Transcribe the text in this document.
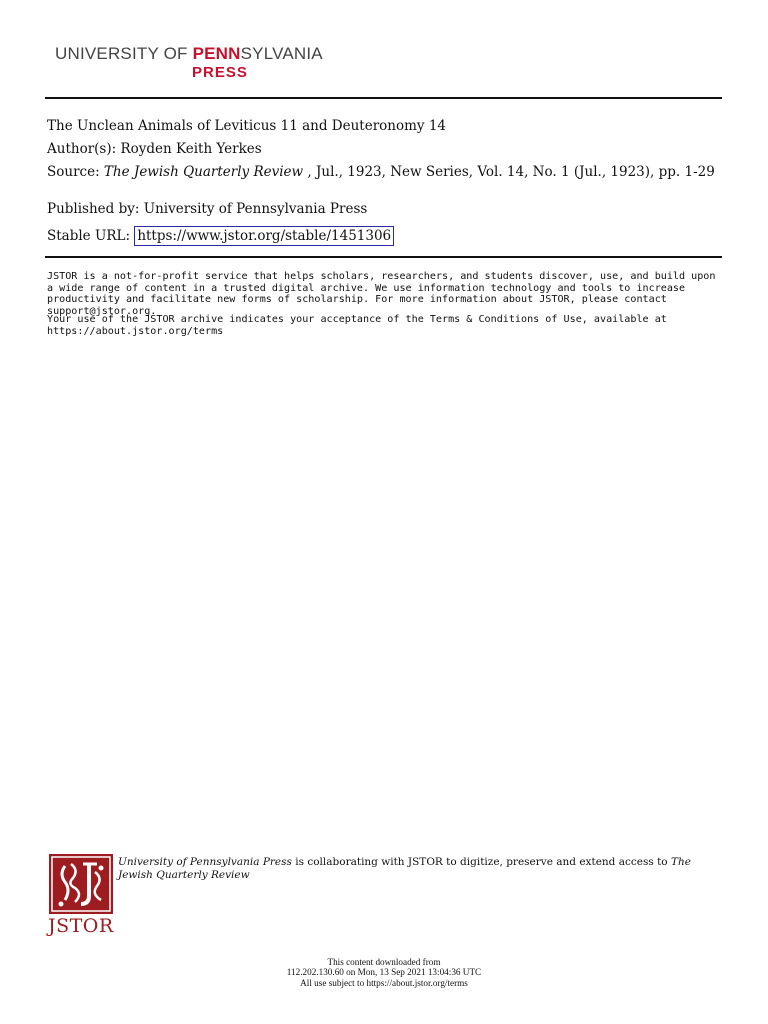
UNIVERSITY OF PENNSYLVANIA
PRESS
The Unclean Animals of Leviticus 11 and Deuteronomy 14
Author(s): Royden Keith Yerkes
Source: The Jewish Quarterly Review , Jul., 1923, New Series, Vol. 14, No. 1 (Jul., 1923), pp. 1-29
Published by: University of Pennsylvania Press
Stable URL: https://www.jstor.org/stable/1451306
JSTOR is a not-for-profit service that helps scholars, researchers, and students discover, use, and build upon a wide range of content in a trusted digital archive. We use information technology and tools to increase productivity and facilitate new forms of scholarship. For more information about JSTOR, please contact support@jstor.org.
Your use of the JSTOR archive indicates your acceptance of the Terms & Conditions of Use, available at https://about.jstor.org/terms
JSTOR
University of Pennsylvania Press is collaborating with JSTOR to digitize, preserve and extend access to The Jewish Quarterly Review
This content downloaded from
112.202.130.60 on Mon, 13 Sep 2021 13:04:36 UTC
All use subject to https://about.jstor.org/terms
